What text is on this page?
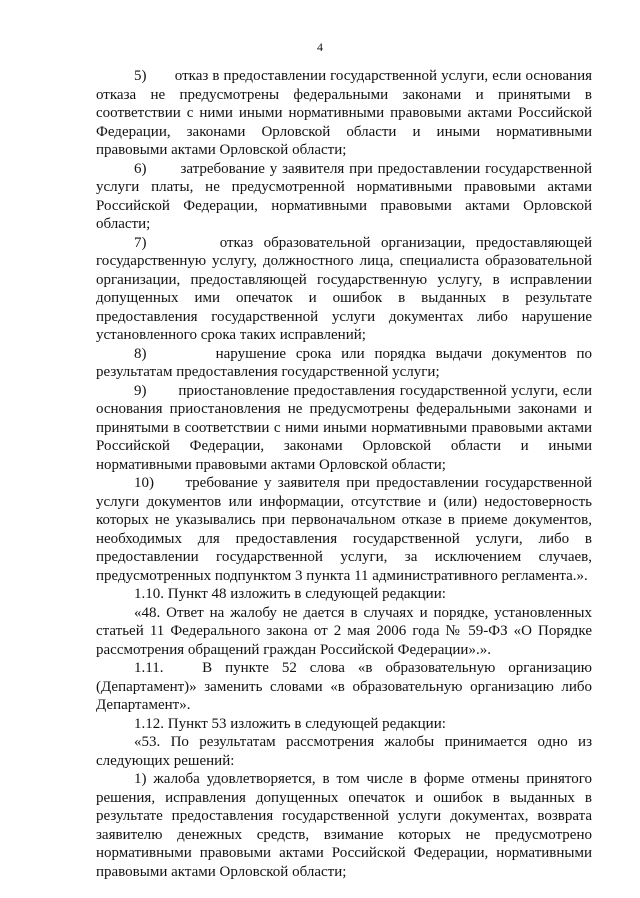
4

5)       отказ в предоставлении государственной услуги, если основания отказа не предусмотрены федеральными законами и принятыми в соответствии с ними иными нормативными правовыми актами Российской Федерации, законами Орловской области и иными нормативными правовыми актами Орловской области;

6)       затребование у заявителя при предоставлении государственной услуги платы, не предусмотренной нормативными правовыми актами Российской Федерации, нормативными правовыми актами Орловской области;

7)       отказ образовательной организации, предоставляющей государственную услугу, должностного лица, специалиста образовательной организации, предоставляющей государственную услугу, в исправлении допущенных ими опечаток и ошибок в выданных в результате предоставления государственной услуги документах либо нарушение установленного срока таких исправлений;

8)       нарушение срока или порядка выдачи документов по результатам предоставления государственной услуги;

9)       приостановление предоставления государственной услуги, если основания приостановления не предусмотрены федеральными законами и принятыми в соответствии с ними иными нормативными правовыми актами Российской Федерации, законами Орловской области и иными нормативными правовыми актами Орловской области;

10)     требование у заявителя при предоставлении государственной услуги документов или информации, отсутствие и (или) недостоверность которых не указывались при первоначальном отказе в приеме документов, необходимых для предоставления государственной услуги, либо в предоставлении государственной услуги, за исключением случаев, предусмотренных подпунктом 3 пункта 11 административного регламента.».

1.10. Пункт 48 изложить в следующей редакции:

«48. Ответ на жалобу не дается в случаях и порядке, установленных статьей 11 Федерального закона от 2 мая 2006 года № 59-ФЗ «О Порядке рассмотрения обращений граждан Российской Федерации».».

1.11.   В пункте 52 слова «в образовательную организацию (Департамент)» заменить словами «в образовательную организацию либо Департамент».

1.12. Пункт 53 изложить в следующей редакции:

«53. По результатам рассмотрения жалобы принимается одно из следующих решений:

1) жалоба удовлетворяется, в том числе в форме отмены принятого решения, исправления допущенных опечаток и ошибок в выданных в результате предоставления государственной услуги документах, возврата заявителю денежных средств, взимание которых не предусмотрено нормативными правовыми актами Российской Федерации, нормативными правовыми актами Орловской области;
